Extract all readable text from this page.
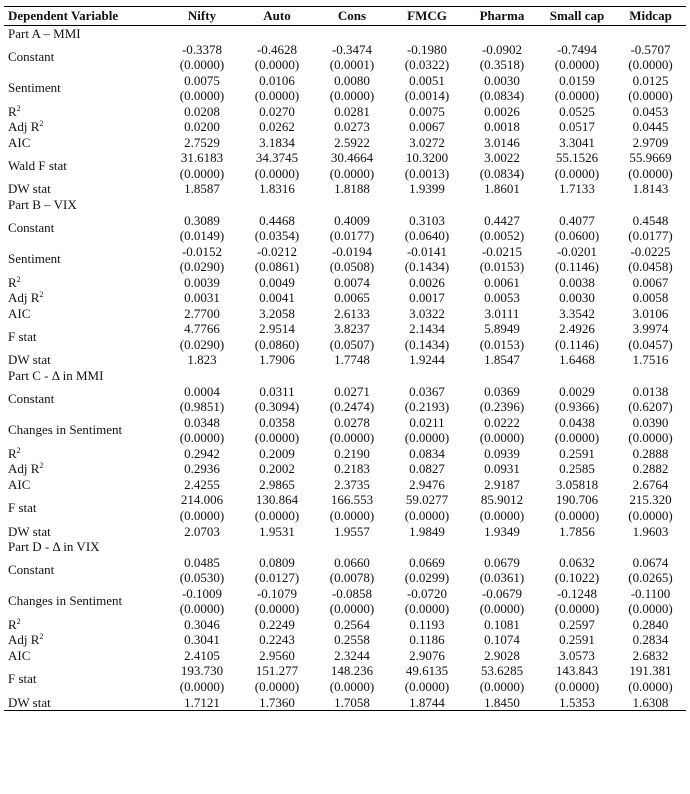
Dependent Variable	Nifty	Auto	Cons	FMCG	Pharma	Small cap	Midcap
Part A – MMI							
Constant	-0.3378	-0.4628	-0.3474	-0.1980	-0.0902	-0.7494	-0.5707
	(0.0000)	(0.0000)	(0.0001)	(0.0322)	(0.3518)	(0.0000)	(0.0000)
Sentiment	0.0075	0.0106	0.0080	0.0051	0.0030	0.0159	0.0125
	(0.0000)	(0.0000)	(0.0000)	(0.0014)	(0.0834)	(0.0000)	(0.0000)
$R^2$	0.0208	0.0270	0.0281	0.0075	0.0026	0.0525	0.0453
Adj $R^2$	0.0200	0.0262	0.0273	0.0067	0.0018	0.0517	0.0445
AIC	2.7529	3.1834	2.5922	3.0272	3.0146	3.3041	2.9709
Wald F stat	31.6183	34.3745	30.4664	10.3200	3.0022	55.1526	55.9669
	(0.0000)	(0.0000)	(0.0000)	(0.0013)	(0.0834)	(0.0000)	(0.0000)
DW stat	1.8587	1.8316	1.8188	1.9399	1.8601	1.7133	1.8143
Part B – VIX							
Constant	0.3089	0.4468	0.4009	0.3103	0.4427	0.4077	0.4548
	(0.0149)	(0.0354)	(0.0177)	(0.0640)	(0.0052)	(0.0600)	(0.0177)
Sentiment	-0.0152	-0.0212	-0.0194	-0.0141	-0.0215	-0.0201	-0.0225
	(0.0290)	(0.0861)	(0.0508)	(0.1434)	(0.0153)	(0.1146)	(0.0458)
$R^2$	0.0039	0.0049	0.0074	0.0026	0.0061	0.0038	0.0067
Adj $R^2$	0.0031	0.0041	0.0065	0.0017	0.0053	0.0030	0.0058
AIC	2.7700	3.2058	2.6133	3.0322	3.0111	3.3542	3.0106
F stat	4.7766	2.9514	3.8237	2.1434	5.8949	2.4926	3.9974
	(0.0290)	(0.0860)	(0.0507)	(0.1434)	(0.0153)	(0.1146)	(0.0457)
DW stat	1.823	1.7906	1.7748	1.9244	1.8547	1.6468	1.7516
Part C - Δ in MMI							
Constant	0.0004	0.0311	0.0271	0.0367	0.0369	0.0029	0.0138
	(0.9851)	(0.3094)	(0.2474)	(0.2193)	(0.2396)	(0.9366)	(0.6207)
Changes in Sentiment	0.0348	0.0358	0.0278	0.0211	0.0222	0.0438	0.0390
	(0.0000)	(0.0000)	(0.0000)	(0.0000)	(0.0000)	(0.0000)	(0.0000)
$R^2$	0.2942	0.2009	0.2190	0.0834	0.0939	0.2591	0.2888
Adj $R^2$	0.2936	0.2002	0.2183	0.0827	0.0931	0.2585	0.2882
AIC	2.4255	2.9865	2.3735	2.9476	2.9187	3.05818	2.6764
F stat	214.006	130.864	166.553	59.0277	85.9012	190.706	215.320
	(0.0000)	(0.0000)	(0.0000)	(0.0000)	(0.0000)	(0.0000)	(0.0000)
DW stat	2.0703	1.9531	1.9557	1.9849	1.9349	1.7856	1.9603
Part D - Δ in VIX							
Constant	0.0485	0.0809	0.0660	0.0669	0.0679	0.0632	0.0674
	(0.0530)	(0.0127)	(0.0078)	(0.0299)	(0.0361)	(0.1022)	(0.0265)
Changes in Sentiment	-0.1009	-0.1079	-0.0858	-0.0720	-0.0679	-0.1248	-0.1100
	(0.0000)	(0.0000)	(0.0000)	(0.0000)	(0.0000)	(0.0000)	(0.0000)
$R^2$	0.3046	0.2249	0.2564	0.1193	0.1081	0.2597	0.2840
Adj $R^2$	0.3041	0.2243	0.2558	0.1186	0.1074	0.2591	0.2834
AIC	2.4105	2.9560	2.3244	2.9076	2.9028	3.0573	2.6832
F stat	193.730	151.277	148.236	49.6135	53.6285	143.843	191.381
	(0.0000)	(0.0000)	(0.0000)	(0.0000)	(0.0000)	(0.0000)	(0.0000)
DW stat	1.7121	1.7360	1.7058	1.8744	1.8450	1.5353	1.6308
